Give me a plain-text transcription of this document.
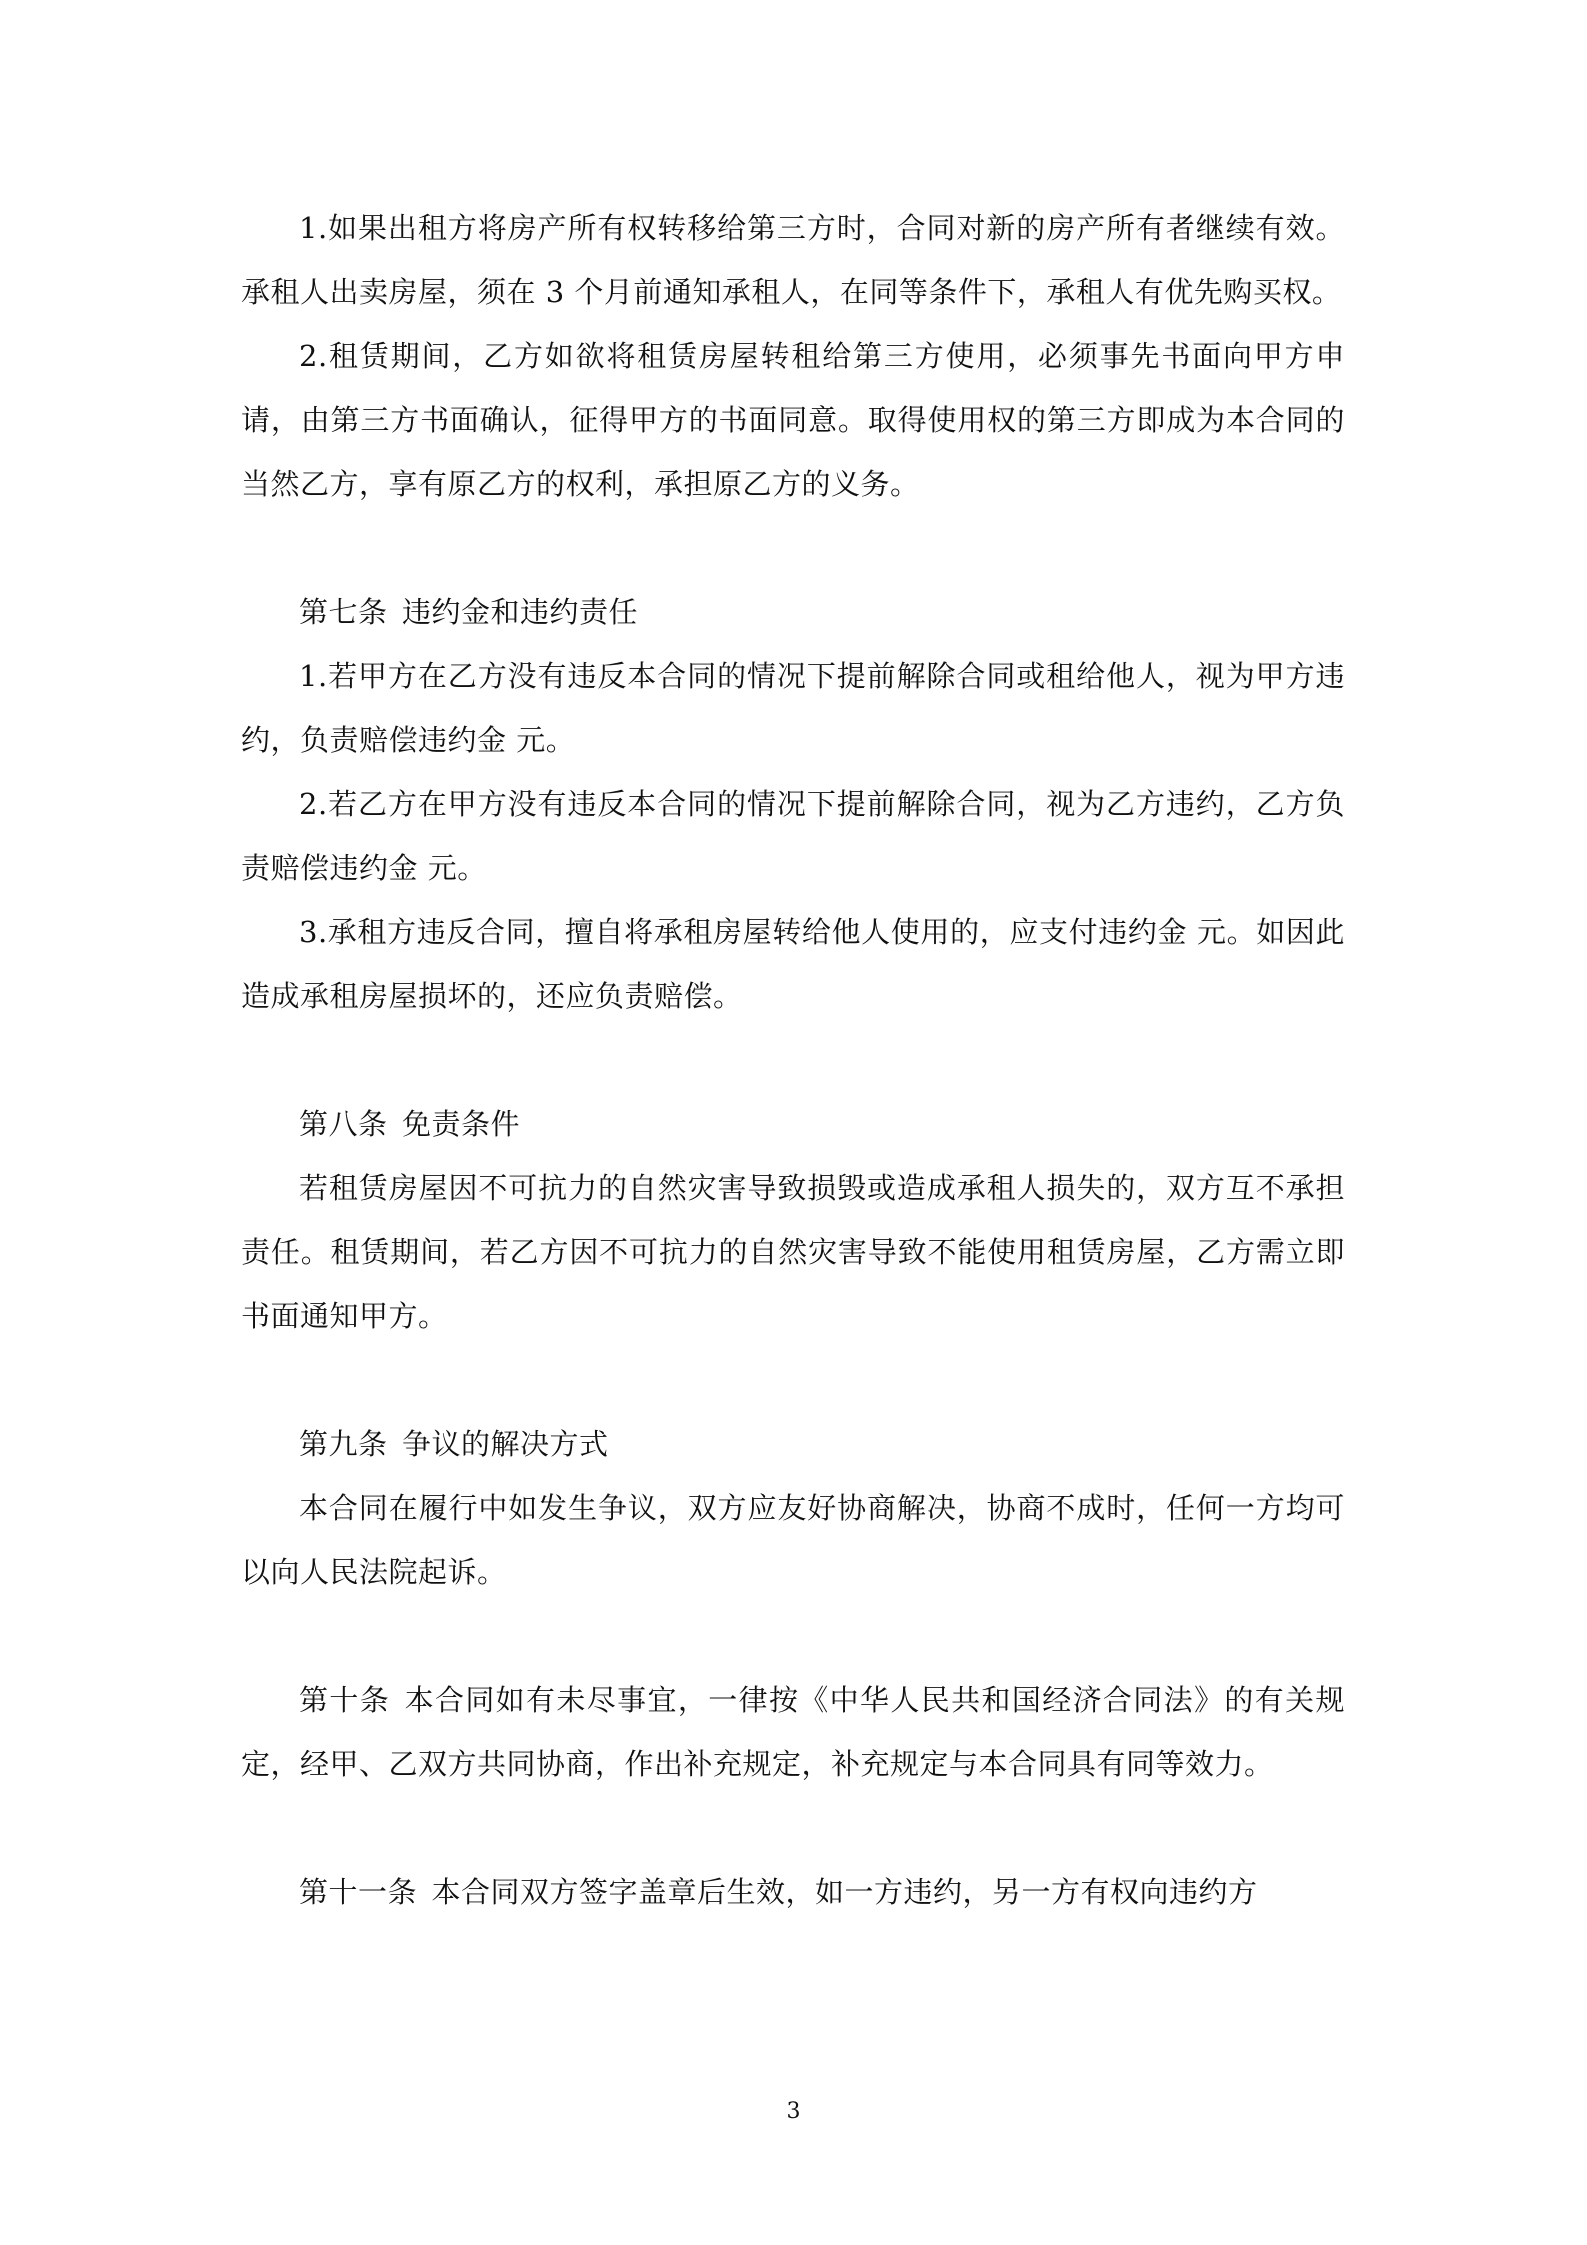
1.如果出租方将房产所有权转移给第三方时，合同对新的房产所有者继续有效。承租人出卖房屋，须在 3 个月前通知承租人，在同等条件下，承租人有优先购买权。

2.租赁期间，乙方如欲将租赁房屋转租给第三方使用，必须事先书面向甲方申请，由第三方书面确认，征得甲方的书面同意。取得使用权的第三方即成为本合同的当然乙方，享有原乙方的权利，承担原乙方的义务。

第七条 违约金和违约责任

1.若甲方在乙方没有违反本合同的情况下提前解除合同或租给他人，视为甲方违约，负责赔偿违约金 元。

2.若乙方在甲方没有违反本合同的情况下提前解除合同，视为乙方违约，乙方负责赔偿违约金 元。

3.承租方违反合同，擅自将承租房屋转给他人使用的，应支付违约金 元。如因此造成承租房屋损坏的，还应负责赔偿。

第八条 免责条件

若租赁房屋因不可抗力的自然灾害导致损毁或造成承租人损失的，双方互不承担责任。租赁期间，若乙方因不可抗力的自然灾害导致不能使用租赁房屋，乙方需立即书面通知甲方。

第九条 争议的解决方式

本合同在履行中如发生争议，双方应友好协商解决，协商不成时，任何一方均可以向人民法院起诉。

第十条 本合同如有未尽事宜，一律按《中华人民共和国经济合同法》的有关规定，经甲、乙双方共同协商，作出补充规定，补充规定与本合同具有同等效力。

第十一条 本合同双方签字盖章后生效，如一方违约，另一方有权向违约方

3
